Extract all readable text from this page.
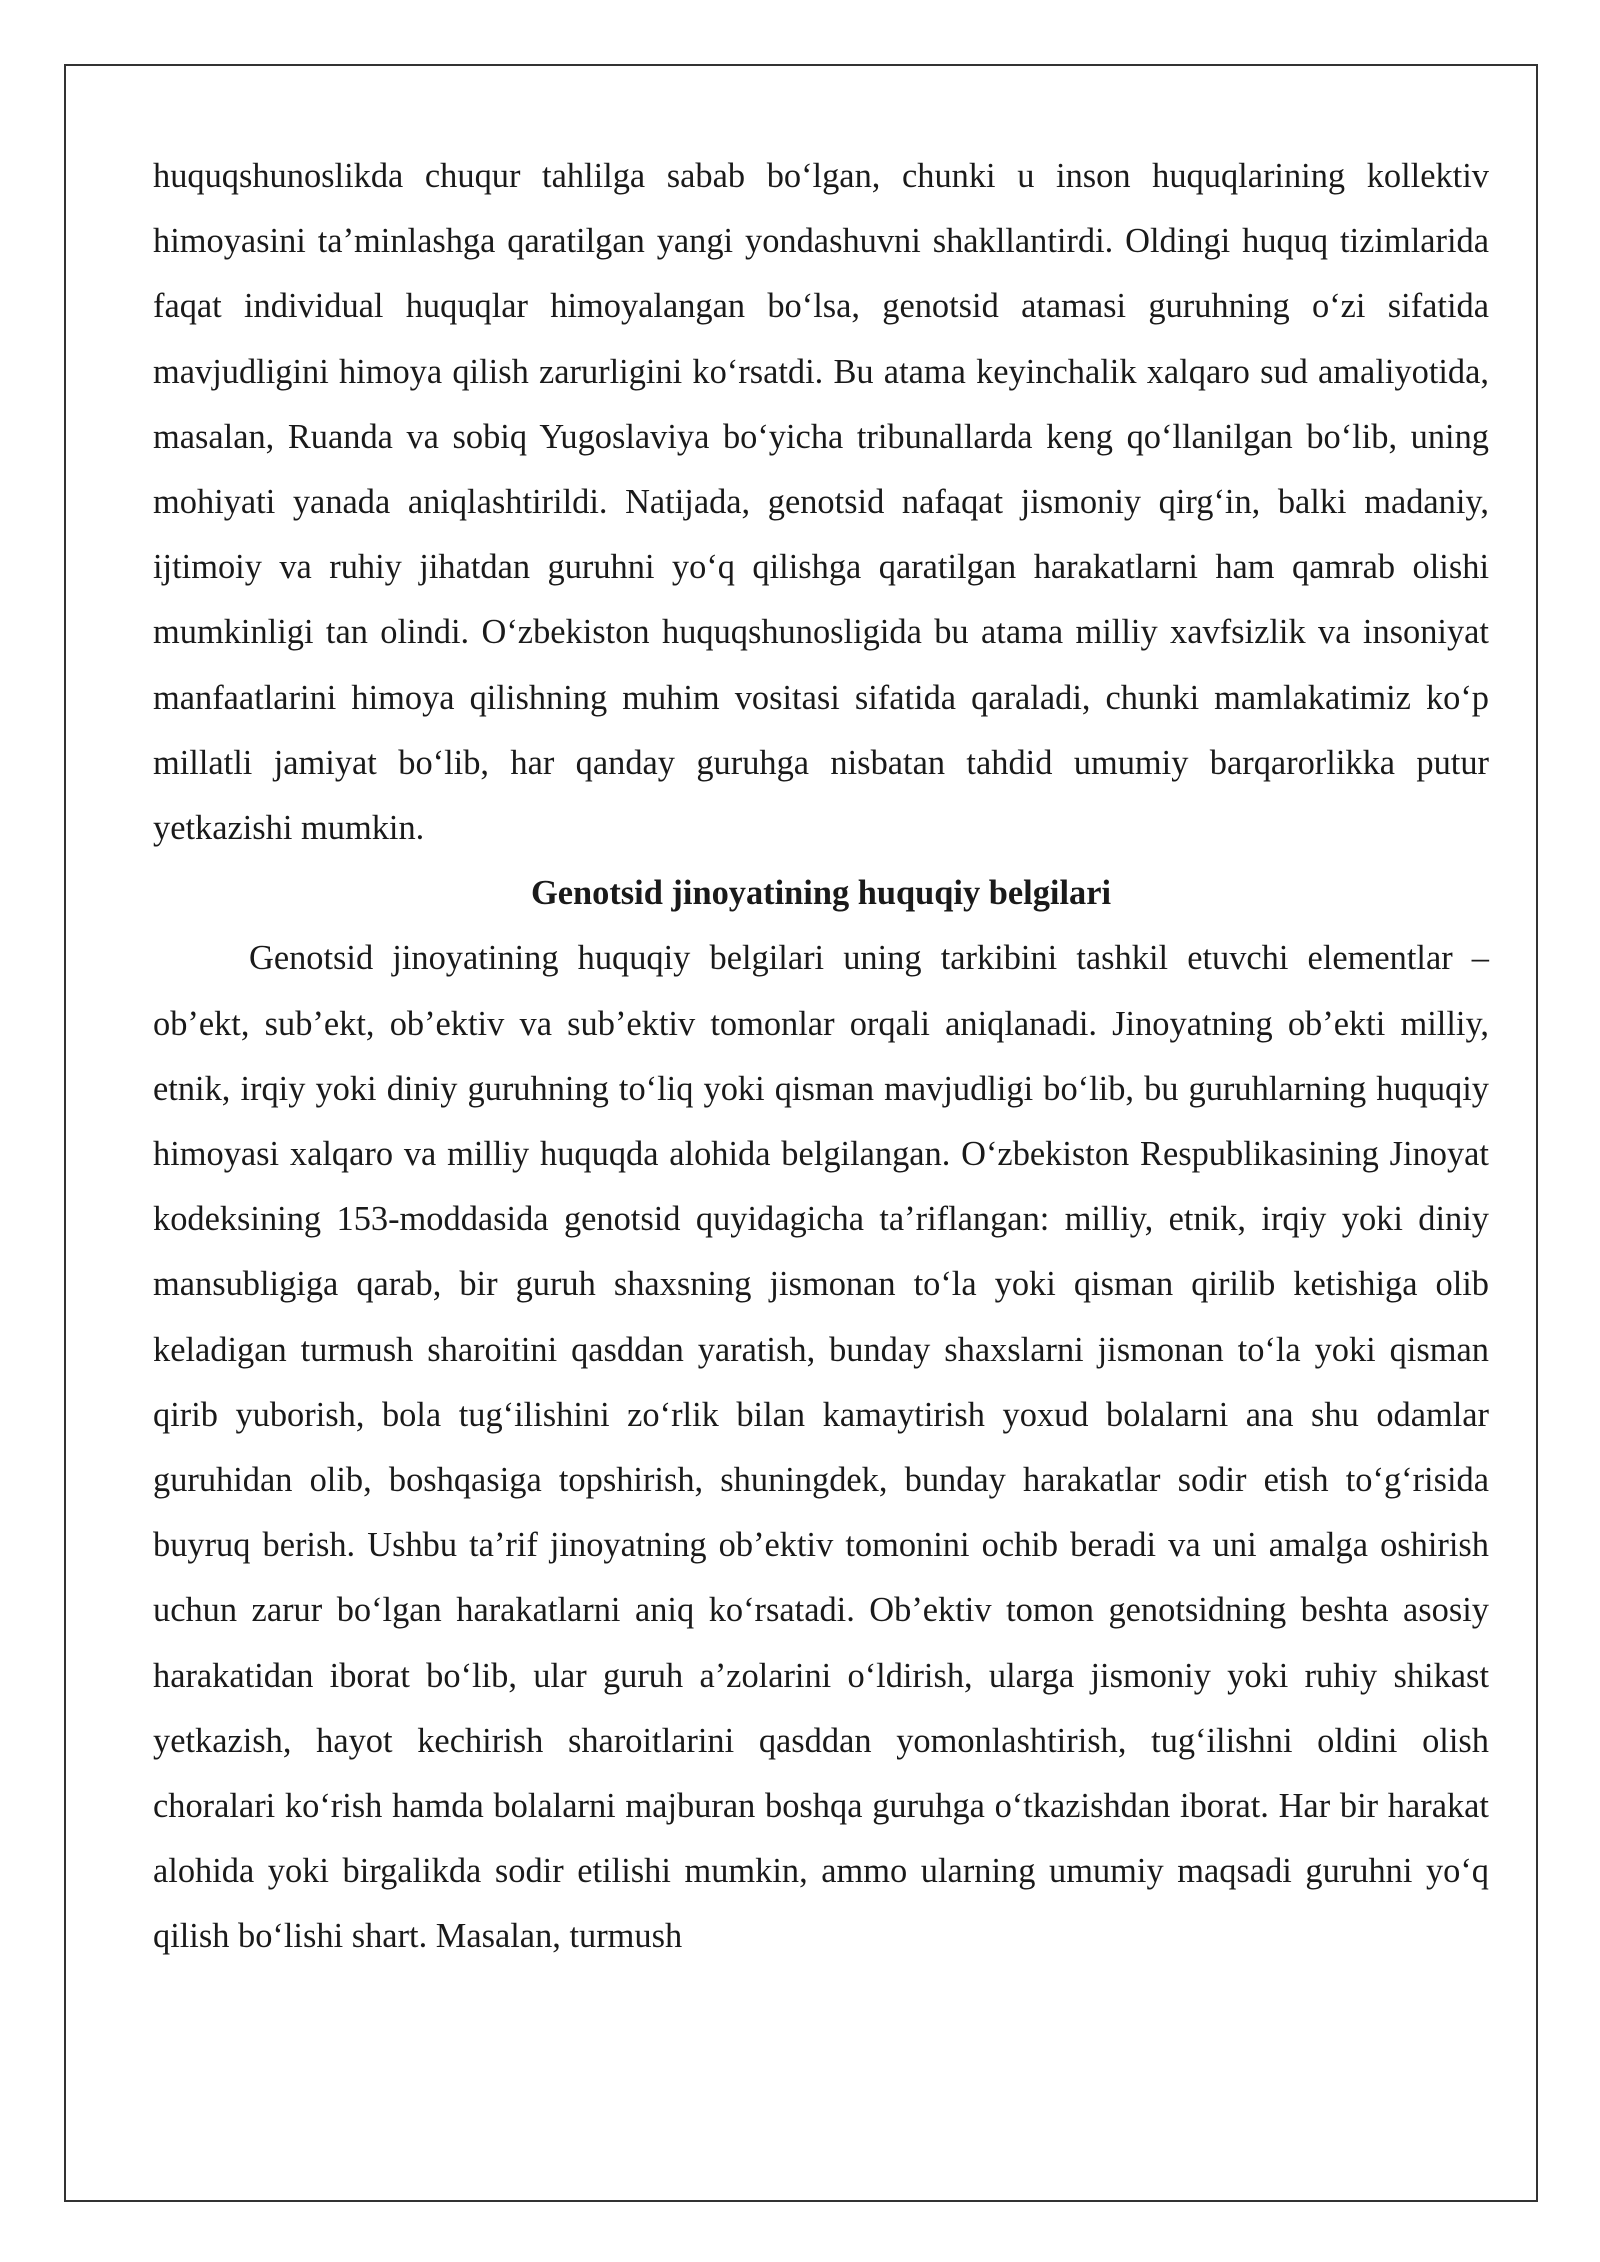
huquqshunoslikda chuqur tahlilga sabab boʻlgan, chunki u inson huquqlarining kollektiv himoyasini taʼminlashga qaratilgan yangi yondashuvni shakllantirdi. Oldingi huquq tizimlarida faqat individual huquqlar himoyalangan boʻlsa, genotsid atamasi guruhning oʻzi sifatida mavjudligini himoya qilish zarurligini koʻrsatdi. Bu atama keyinchalik xalqaro sud amaliyotida, masalan, Ruanda va sobiq Yugoslaviya boʻyicha tribunallarda keng qoʻllanilgan boʻlib, uning mohiyati yanada aniqlashtirildi. Natijada, genotsid nafaqat jismoniy qirgʻin, balki madaniy, ijtimoiy va ruhiy jihatdan guruhni yoʻq qilishga qaratilgan harakatlarni ham qamrab olishi mumkinligi tan olindi. Oʻzbekiston huquqshunosligida bu atama milliy xavfsizlik va insoniyat manfaatlarini himoya qilishning muhim vositasi sifatida qaraladi, chunki mamlakatimiz koʻp millatli jamiyat boʻlib, har qanday guruhga nisbatan tahdid umumiy barqarorlikka putur yetkazishi mumkin.

Genotsid jinoyatining huquqiy belgilari

Genotsid jinoyatining huquqiy belgilari uning tarkibini tashkil etuvchi elementlar – obʼekt, subʼekt, obʼektiv va subʼektiv tomonlar orqali aniqlanadi. Jinoyatning obʼekti milliy, etnik, irqiy yoki diniy guruhning toʻliq yoki qisman mavjudligi boʻlib, bu guruhlarning huquqiy himoyasi xalqaro va milliy huquqda alohida belgilangan. Oʻzbekiston Respublikasining Jinoyat kodeksining 153-moddasida genotsid quyidagicha taʼriflangan: milliy, etnik, irqiy yoki diniy mansubligiga qarab, bir guruh shaxsning jismonan toʻla yoki qisman qirilib ketishiga olib keladigan turmush sharoitini qasddan yaratish, bunday shaxslarni jismonan toʻla yoki qisman qirib yuborish, bola tugʻilishini zoʻrlik bilan kamaytirish yoxud bolalarni ana shu odamlar guruhidan olib, boshqasiga topshirish, shuningdek, bunday harakatlar sodir etish toʻgʻrisida buyruq berish. Ushbu taʼrif jinoyatning obʼektiv tomonini ochib beradi va uni amalga oshirish uchun zarur boʻlgan harakatlarni aniq koʻrsatadi. Obʼektiv tomon genotsidning beshta asosiy harakatidan iborat boʻlib, ular guruh aʼzolarini oʻldirish, ularga jismoniy yoki ruhiy shikast yetkazish, hayot kechirish sharoitlarini qasddan yomonlashtirish, tugʻilishni oldini olish choralari koʻrish hamda bolalarni majburan boshqa guruhga oʻtkazishdan iborat. Har bir harakat alohida yoki birgalikda sodir etilishi mumkin, ammo ularning umumiy maqsadi guruhni yoʻq qilish boʻlishi shart. Masalan, turmush
